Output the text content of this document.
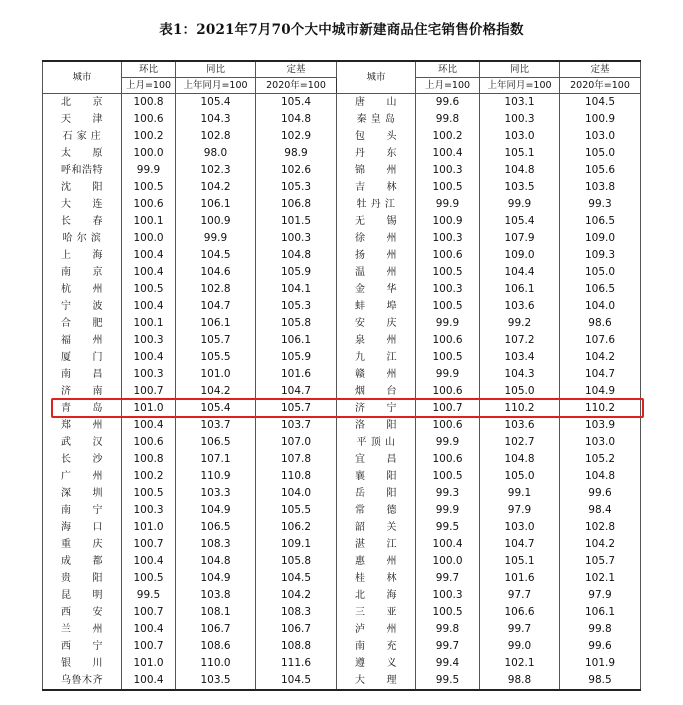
表1：2021年7月70个大中城市新建商品住宅销售价格指数
城市	环比	同比	定基	城市	环比	同比	定基
	上月=100	上年同月=100	2020年=100		上月=100	上年同月=100	2020年=100
北　　京	100.8	105.4	105.4	唐　　山	99.6	103.1	104.5
天　　津	100.6	104.3	104.8	秦 皇 岛	99.8	100.3	100.9
石 家 庄	100.2	102.8	102.9	包　　头	100.2	103.0	103.0
太　　原	100.0	98.0	98.9	丹　　东	100.4	105.1	105.0
呼和浩特	99.9	102.3	102.6	锦　　州	100.3	104.8	105.6
沈　　阳	100.5	104.2	105.3	吉　　林	100.5	103.5	103.8
大　　连	100.6	106.1	106.8	牡 丹 江	99.9	99.9	99.3
长　　春	100.1	100.9	101.5	无　　锡	100.9	105.4	106.5
哈 尔 滨	100.0	99.9	100.3	徐　　州	100.3	107.9	109.0
上　　海	100.4	104.5	104.8	扬　　州	100.6	109.0	109.3
南　　京	100.4	104.6	105.9	温　　州	100.5	104.4	105.0
杭　　州	100.5	102.8	104.1	金　　华	100.3	106.1	106.5
宁　　波	100.4	104.7	105.3	蚌　　埠	100.5	103.6	104.0
合　　肥	100.1	106.1	105.8	安　　庆	99.9	99.2	98.6
福　　州	100.3	105.7	106.1	泉　　州	100.6	107.2	107.6
厦　　门	100.4	105.5	105.9	九　　江	100.5	103.4	104.2
南　　昌	100.3	101.0	101.6	赣　　州	99.9	104.3	104.7
济　　南	100.7	104.2	104.7	烟　　台	100.6	105.0	104.9
青　　岛	101.0	105.4	105.7	济　　宁	100.7	110.2	110.2
郑　　州	100.4	103.7	103.7	洛　　阳	100.6	103.6	103.9
武　　汉	100.6	106.5	107.0	平 顶 山	99.9	102.7	103.0
长　　沙	100.8	107.1	107.8	宜　　昌	100.6	104.8	105.2
广　　州	100.2	110.9	110.8	襄　　阳	100.5	105.0	104.8
深　　圳	100.5	103.3	104.0	岳　　阳	99.3	99.1	99.6
南　　宁	100.3	104.9	105.5	常　　德	99.9	97.9	98.4
海　　口	101.0	106.5	106.2	韶　　关	99.5	103.0	102.8
重　　庆	100.7	108.3	109.1	湛　　江	100.4	104.7	104.2
成　　都	100.4	104.8	105.8	惠　　州	100.0	105.1	105.7
贵　　阳	100.5	104.9	104.5	桂　　林	99.7	101.6	102.1
昆　　明	99.5	103.8	104.2	北　　海	100.3	97.7	97.9
西　　安	100.7	108.1	108.3	三　　亚	100.5	106.6	106.1
兰　　州	100.4	106.7	106.7	泸　　州	99.8	99.7	99.8
西　　宁	100.7	108.6	108.8	南　　充	99.7	99.0	99.6
银　　川	101.0	110.0	111.6	遵　　义	99.4	102.1	101.9
乌鲁木齐	100.4	103.5	104.5	大　　理	99.5	98.8	98.5
